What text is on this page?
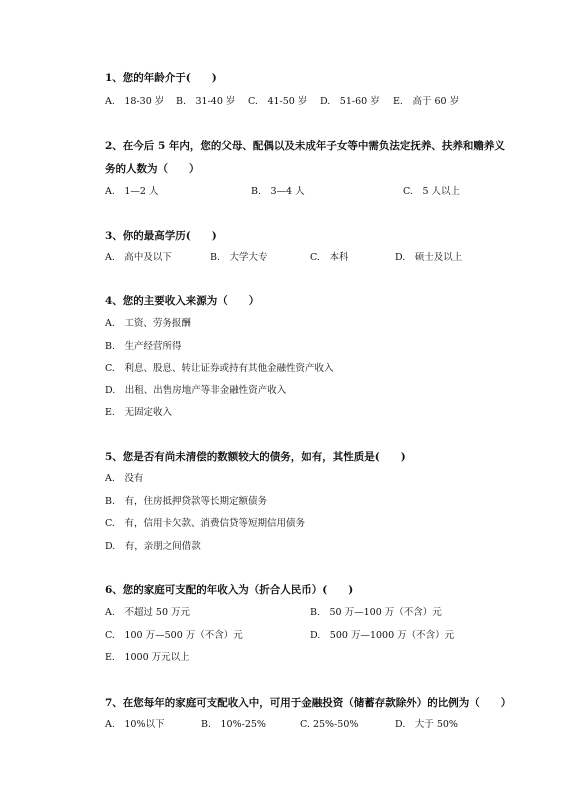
1、您的年龄介于(　　)
A.　18-30 岁 B.　31-40 岁 C.　41-50 岁 D.　51-60 岁 E.　高于 60 岁
2、在今后 5 年内，您的父母、配偶以及未成年子女等中需负法定抚养、扶养和赡养义
务的人数为（　　）
A.　1—2 人	B.　3—4 人	C.　5 人以上
3、你的最高学历(　　)
A.　高中及以下	B.　大学大专	C.　本科	D.　硕士及以上
4、您的主要收入来源为（　　）
A.　工资、劳务报酬
B.　生产经营所得
C.　利息、股息、转让证券或持有其他金融性资产收入
D.　出租、出售房地产等非金融性资产收入
E.　无固定收入
5、您是否有尚未清偿的数额较大的债务，如有，其性质是(　　)
A.　没有
B.　有，住房抵押贷款等长期定额债务
C.　有，信用卡欠款、消费信贷等短期信用债务
D.　有，亲朋之间借款
6、您的家庭可支配的年收入为（折合人民币）(　　)
A.　不超过 50 万元	B.　50 万—100 万（不含）元
C.　100 万—500 万（不含）元	D.　500 万—1000 万（不含）元
E.　1000 万元以上
7、在您每年的家庭可支配收入中，可用于金融投资（储蓄存款除外）的比例为（　　）
A.　10%以下	B.　10%-25%	C. 25%-50%	D.　大于 50%
